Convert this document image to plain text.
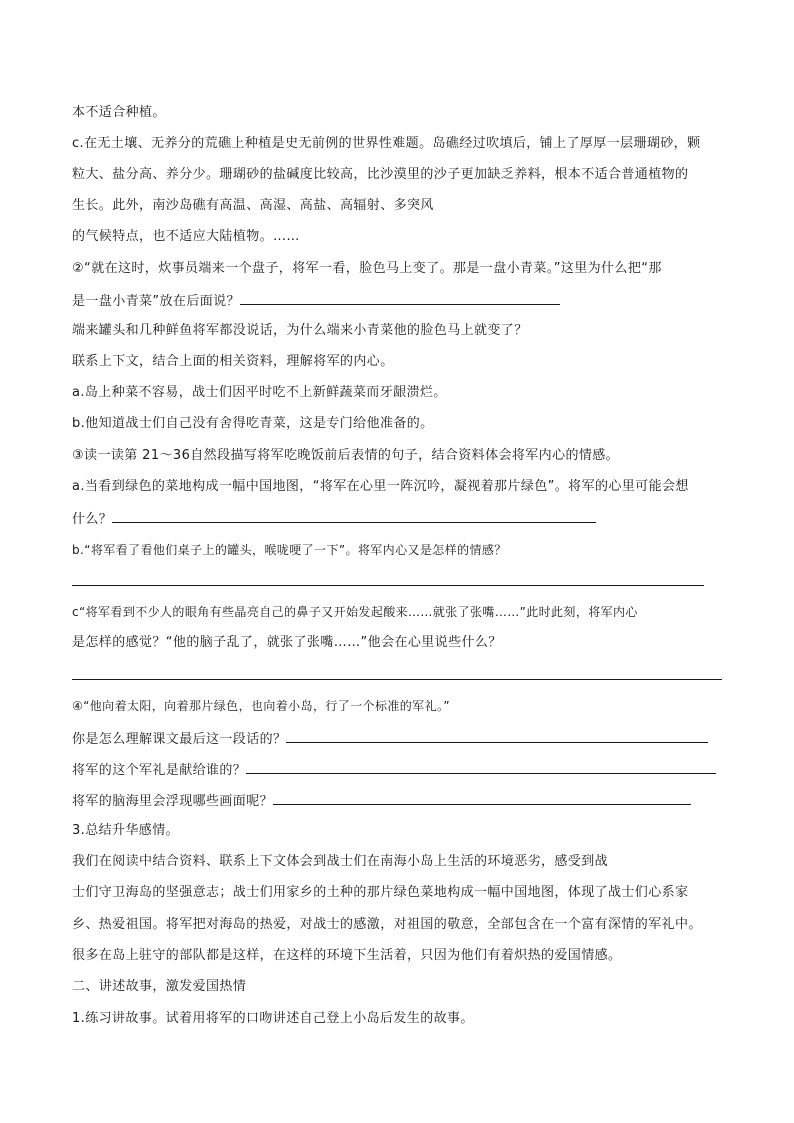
本不适合种植。
c.在无土壤、无养分的荒礁上种植是史无前例的世界性难题。岛礁经过吹填后，铺上了厚厚一层珊瑚砂，颗
粒大、盐分高、养分少。珊瑚砂的盐碱度比较高，比沙漠里的沙子更加缺乏养料，根本不适合普通植物的
生长。此外，南沙岛礁有高温、高湿、高盐、高辐射、多突风
的气候特点，也不适应大陆植物。……
②“就在这时，炊事员端来一个盘子，将军一看，脸色马上变了。那是一盘小青菜。”这里为什么把“那
是一盘小青菜”放在后面说？
端来罐头和几种鲜鱼将军都没说话，为什么端来小青菜他的脸色马上就变了？
联系上下文，结合上面的相关资料，理解将军的内心。
a.岛上种菜不容易，战士们因平时吃不上新鲜蔬菜而牙龈溃烂。
b.他知道战士们自己没有舍得吃青菜，这是专门给他准备的。
③读一读第 21～36自然段描写将军吃晚饭前后表情的句子，结合资料体会将军内心的情感。
a.当看到绿色的菜地构成一幅中国地图，“将军在心里一阵沉吟，凝视着那片绿色”。将军的心里可能会想
什么？
b.“将军看了看他们桌子上的罐头，喉咙哽了一下”。将军内心又是怎样的情感？
c“将军看到不少人的眼角有些晶亮自己的鼻子又开始发起酸来……就张了张嘴……”此时此刻，将军内心
是怎样的感觉？“他的脑子乱了，就张了张嘴……”他会在心里说些什么？
④“他向着太阳，向着那片绿色，也向着小岛，行了一个标准的军礼。”
你是怎么理解课文最后这一段话的？
将军的这个军礼是献给谁的？
将军的脑海里会浮现哪些画面呢？
3.总结升华感情。
我们在阅读中结合资料、联系上下文体会到战士们在南海小岛上生活的环境恶劣，感受到战
士们守卫海岛的坚强意志；战士们用家乡的土种的那片绿色菜地构成一幅中国地图，体现了战士们心系家
乡、热爱祖国。将军把对海岛的热爱，对战士的感激，对祖国的敬意，全部包含在一个富有深情的军礼中。
很多在岛上驻守的部队都是这样，在这样的环境下生活着，只因为他们有着炽热的爱国情感。
二、讲述故事，激发爱国热情
1.练习讲故事。试着用将军的口吻讲述自己登上小岛后发生的故事。
